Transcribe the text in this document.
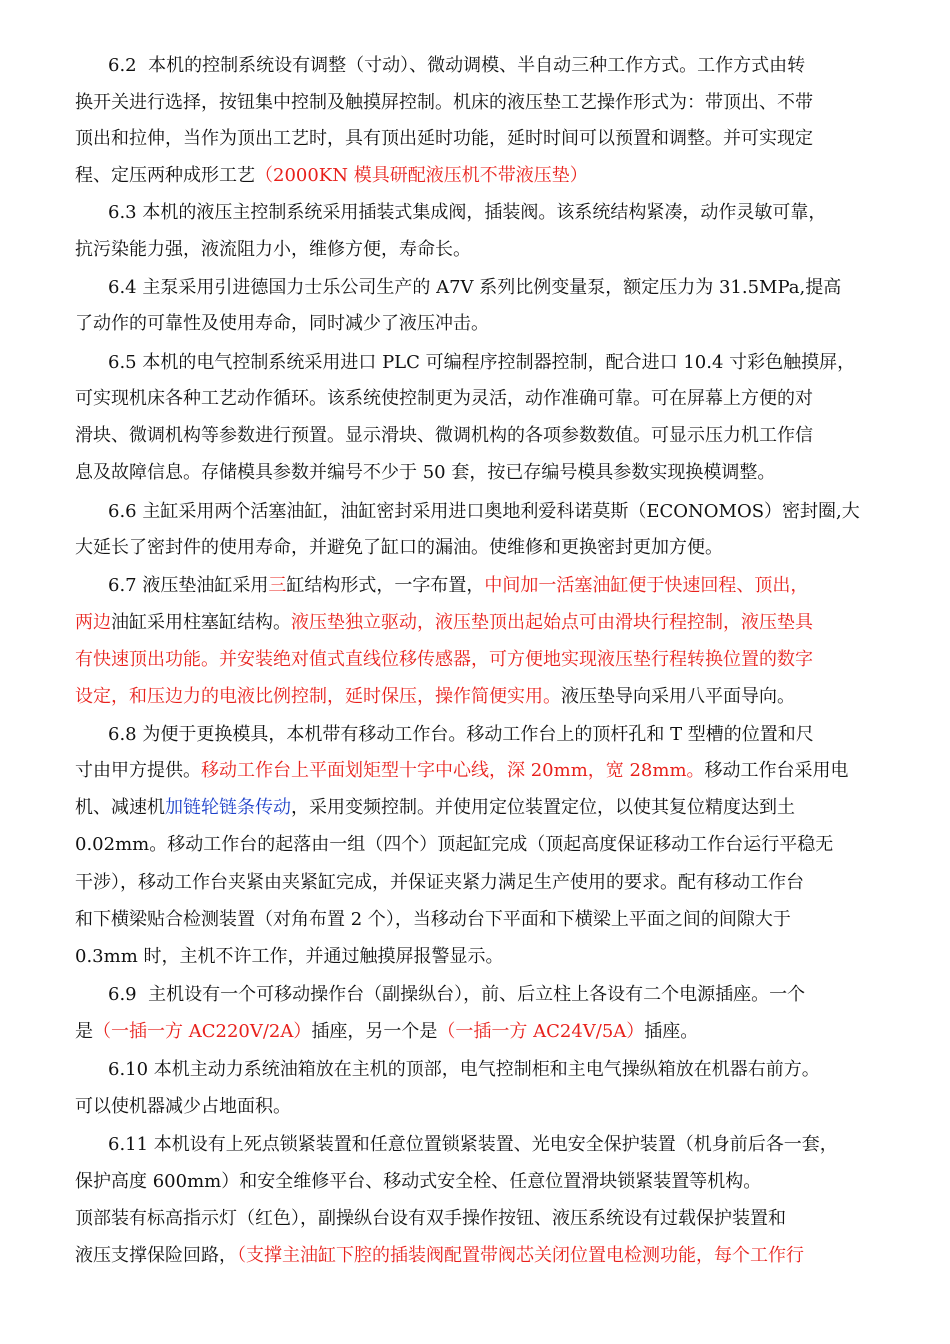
6.2  本机的控制系统设有调整（寸动）、微动调模、半自动三种工作方式。工作方式由转
换开关进行选择，按钮集中控制及触摸屏控制。机床的液压垫工艺操作形式为：带顶出、不带
顶出和拉伸，当作为顶出工艺时，具有顶出延时功能，延时时间可以预置和调整。并可实现定
程、定压两种成形工艺（2000KN 模具研配液压机不带液压垫）
6.3 本机的液压主控制系统采用插装式集成阀，插装阀。该系统结构紧凑，动作灵敏可靠，
抗污染能力强，液流阻力小，维修方便，寿命长。
6.4 主泵采用引进德国力士乐公司生产的 A7V 系列比例变量泵，额定压力为 31.5MPa,提高
了动作的可靠性及使用寿命，同时减少了液压冲击。
6.5 本机的电气控制系统采用进口 PLC 可编程序控制器控制，配合进口 10.4 寸彩色触摸屏，
可实现机床各种工艺动作循环。该系统使控制更为灵活，动作准确可靠。可在屏幕上方便的对
滑块、微调机构等参数进行预置。显示滑块、微调机构的各项参数数值。可显示压力机工作信
息及故障信息。存储模具参数并编号不少于 50 套，按已存编号模具参数实现换模调整。
6.6 主缸采用两个活塞油缸，油缸密封采用进口奥地利爱科诺莫斯（ECONOMOS）密封圈,大
大延长了密封件的使用寿命，并避免了缸口的漏油。使维修和更换密封更加方便。
6.7 液压垫油缸采用三缸结构形式，一字布置，中间加一活塞油缸便于快速回程、顶出，
两边油缸采用柱塞缸结构。液压垫独立驱动，液压垫顶出起始点可由滑块行程控制，液压垫具
有快速顶出功能。并安装绝对值式直线位移传感器，可方便地实现液压垫行程转换位置的数字
设定，和压边力的电液比例控制，延时保压，操作简便实用。液压垫导向采用八平面导向。
6.8 为便于更换模具，本机带有移动工作台。移动工作台上的顶杆孔和 T 型槽的位置和尺
寸由甲方提供。移动工作台上平面划矩型十字中心线，深 20mm，宽 28mm。移动工作台采用电
机、减速机加链轮链条传动，采用变频控制。并使用定位装置定位，以使其复位精度达到土
0.02mm。移动工作台的起落由一组（四个）顶起缸完成（顶起高度保证移动工作台运行平稳无
干涉），移动工作台夹紧由夹紧缸完成，并保证夹紧力满足生产使用的要求。配有移动工作台
和下横梁贴合检测装置（对角布置 2 个），当移动台下平面和下横梁上平面之间的间隙大于
0.3mm 时，主机不许工作，并通过触摸屏报警显示。
6.9  主机设有一个可移动操作台（副操纵台），前、后立柱上各设有二个电源插座。一个
是（一插一方 AC220V/2A）插座，另一个是（一插一方 AC24V/5A）插座。
6.10 本机主动力系统油箱放在主机的顶部，电气控制柜和主电气操纵箱放在机器右前方。
可以使机器减少占地面积。
6.11 本机设有上死点锁紧装置和任意位置锁紧装置、光电安全保护装置（机身前后各一套，
保护高度 600mm）和安全维修平台、移动式安全栓、任意位置滑块锁紧装置等机构。
顶部装有标高指示灯（红色），副操纵台设有双手操作按钮、液压系统设有过载保护装置和
液压支撑保险回路，（支撑主油缸下腔的插装阀配置带阀芯关闭位置电检测功能，每个工作行
